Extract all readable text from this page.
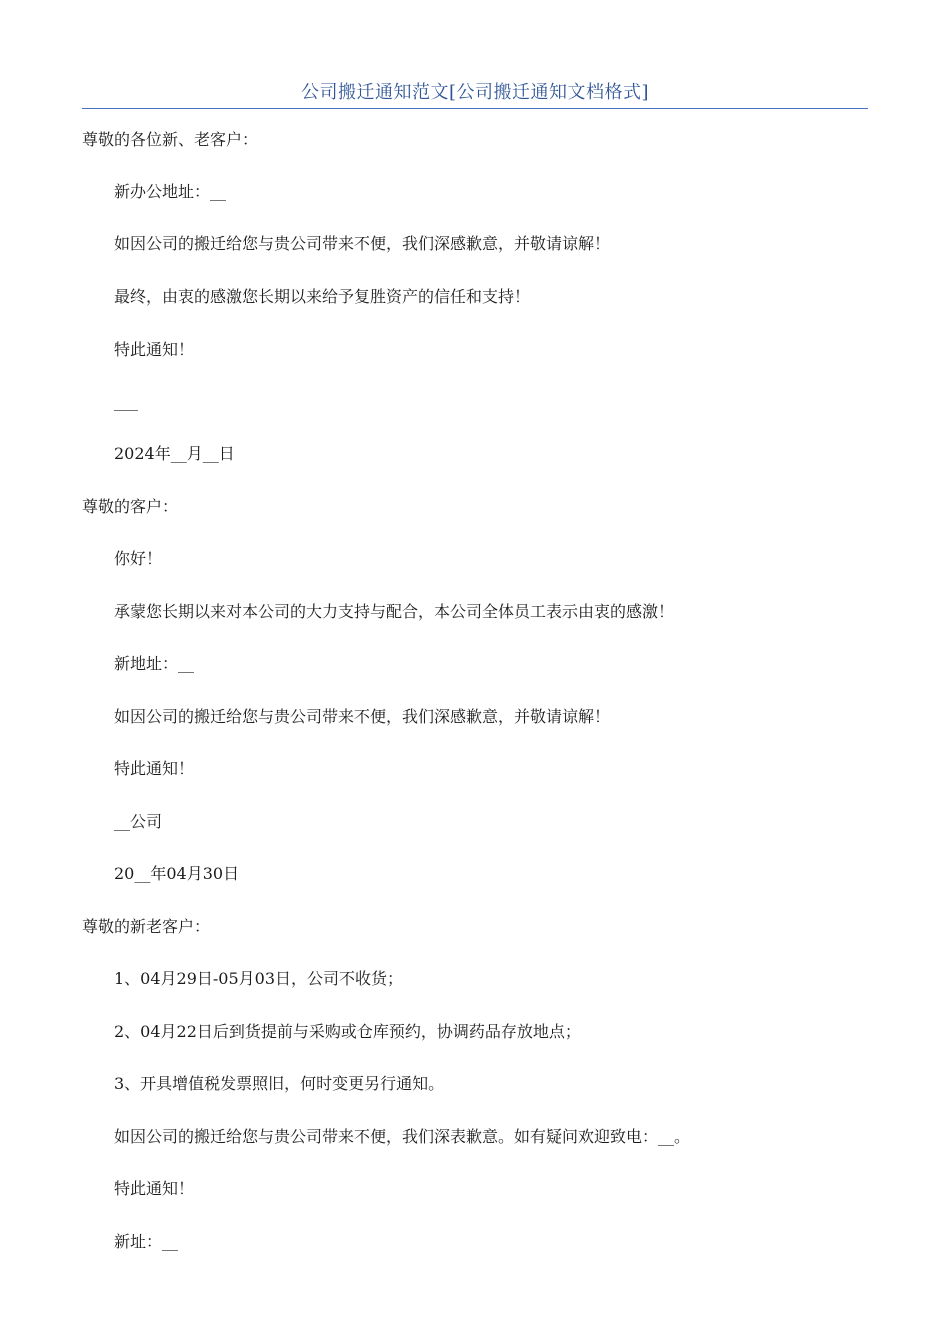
公司搬迁通知范文[公司搬迁通知文档格式]
尊敬的各位新、老客户：
新办公地址：__
如因公司的搬迁给您与贵公司带来不便，我们深感歉意，并敬请谅解！
最终，由衷的感激您长期以来给予复胜资产的信任和支持！
特此通知！
___
2024年__月__日
尊敬的客户：
你好！
承蒙您长期以来对本公司的大力支持与配合，本公司全体员工表示由衷的感激！
新地址：__
如因公司的搬迁给您与贵公司带来不便，我们深感歉意，并敬请谅解！
特此通知！
__公司
20__年04月30日
尊敬的新老客户：
1、04月29日-05月03日，公司不收货；
2、04月22日后到货提前与采购或仓库预约，协调药品存放地点；
3、开具增值税发票照旧，何时变更另行通知。
如因公司的搬迁给您与贵公司带来不便，我们深表歉意。如有疑问欢迎致电：__。
特此通知！
新址：__
